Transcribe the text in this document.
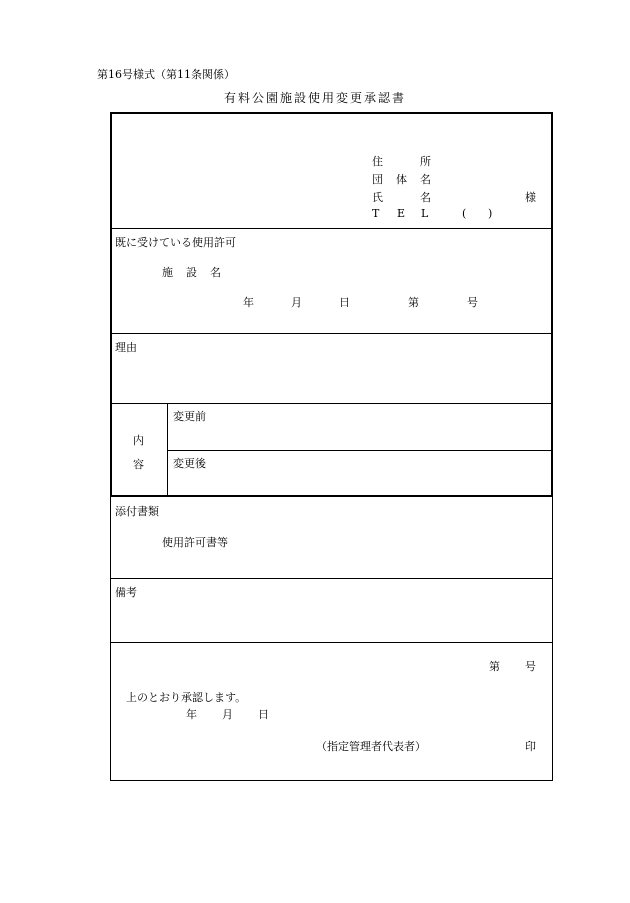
第16号様式（第11条関係）
有料公園施設使用変更承認書
住	所
団 体 名
氏	名	様
T E L	( )
既に受けている使用許可
施 設 名
年	月	日	第	号
理由
内
容
変更前
変更後
添付書類
使用許可書等
備考
第 号
上のとおり承認します。
年 月 日
（指定管理者代表者）	印
